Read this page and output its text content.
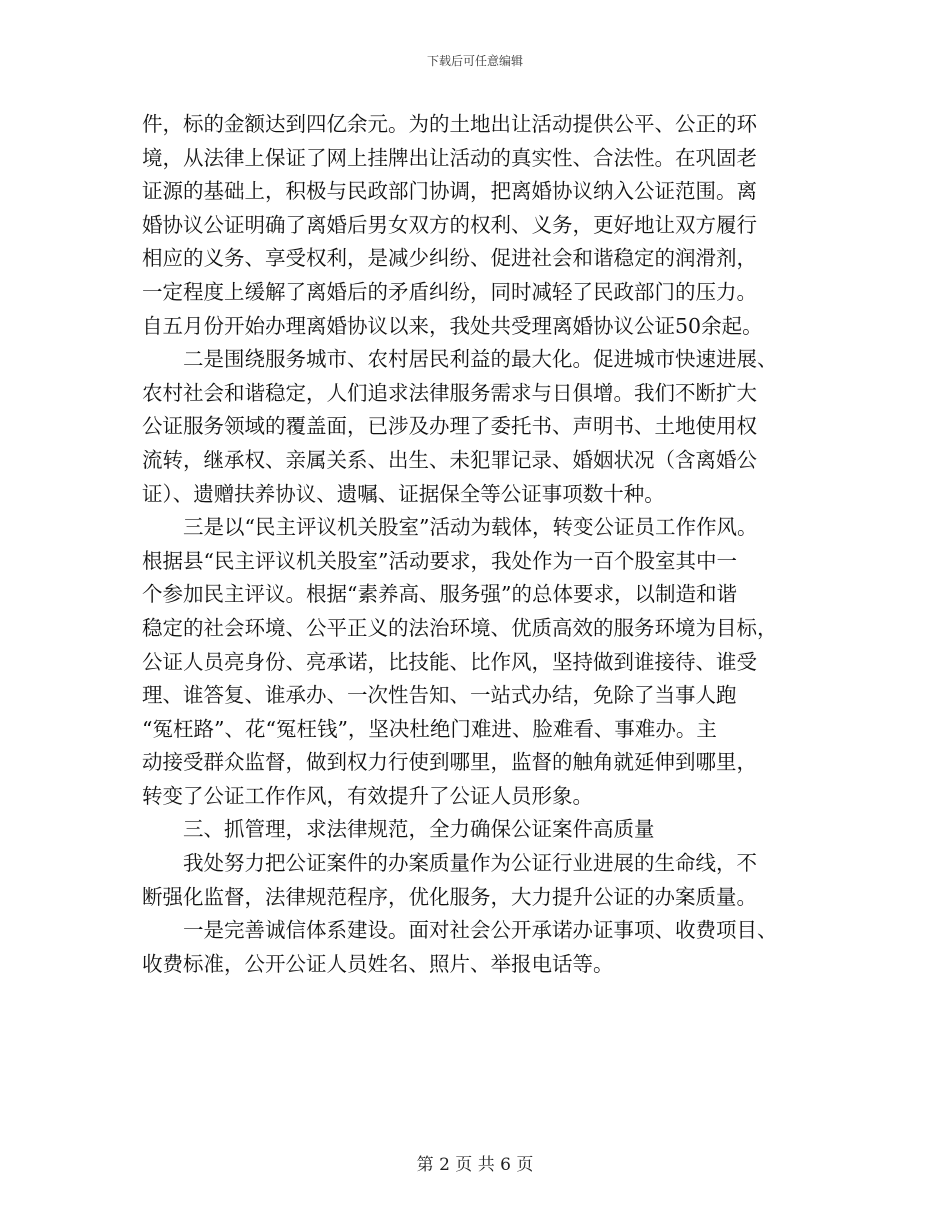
下载后可任意编辑
件，标的金额达到四亿余元。为的土地出让活动提供公平、公正的环
境，从法律上保证了网上挂牌出让活动的真实性、合法性。在巩固老
证源的基础上，积极与民政部门协调，把离婚协议纳入公证范围。离
婚协议公证明确了离婚后男女双方的权利、义务，更好地让双方履行
相应的义务、享受权利，是减少纠纷、促进社会和谐稳定的润滑剂，
一定程度上缓解了离婚后的矛盾纠纷，同时减轻了民政部门的压力。
自五月份开始办理离婚协议以来，我处共受理离婚协议公证50余起。
二是围绕服务城市、农村居民利益的最大化。促进城市快速进展、
农村社会和谐稳定，人们追求法律服务需求与日俱增。我们不断扩大
公证服务领域的覆盖面，已涉及办理了委托书、声明书、土地使用权
流转，继承权、亲属关系、出生、未犯罪记录、婚姻状况（含离婚公
证）、遗赠扶养协议、遗嘱、证据保全等公证事项数十种。
三是以“民主评议机关股室”活动为载体，转变公证员工作作风。
根据县“民主评议机关股室”活动要求，我处作为一百个股室其中一
个参加民主评议。根据“素养高、服务强”的总体要求，以制造和谐
稳定的社会环境、公平正义的法治环境、优质高效的服务环境为目标，
公证人员亮身份、亮承诺，比技能、比作风，坚持做到谁接待、谁受
理、谁答复、谁承办、一次性告知、一站式办结，免除了当事人跑
“冤枉路”、花“冤枉钱”，坚决杜绝门难进、脸难看、事难办。主
动接受群众监督，做到权力行使到哪里，监督的触角就延伸到哪里，
转变了公证工作作风，有效提升了公证人员形象。
三、抓管理，求法律规范，全力确保公证案件高质量
我处努力把公证案件的办案质量作为公证行业进展的生命线，不
断强化监督，法律规范程序，优化服务，大力提升公证的办案质量。
一是完善诚信体系建设。面对社会公开承诺办证事项、收费项目、
收费标准，公开公证人员姓名、照片、举报电话等。
第 2 页 共 6 页
